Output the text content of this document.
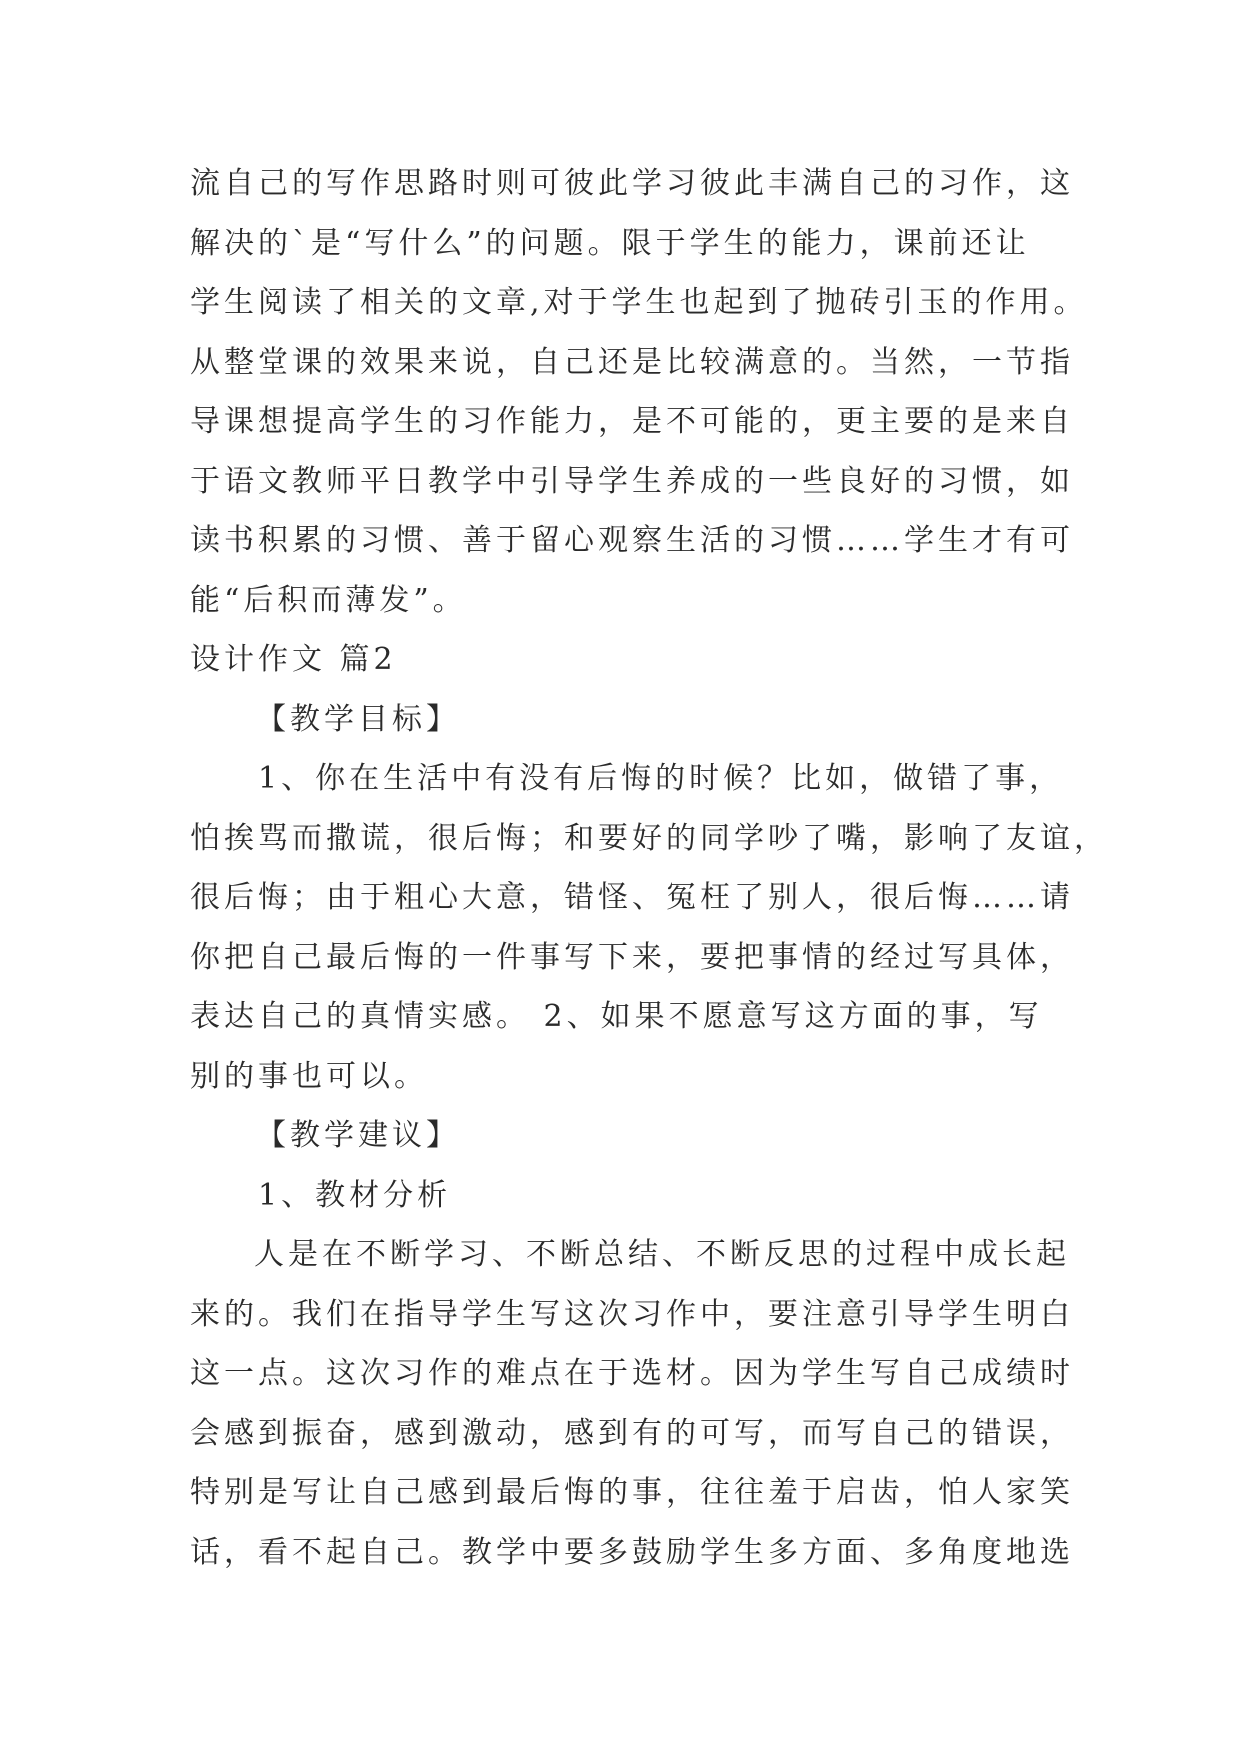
流自己的写作思路时则可彼此学习彼此丰满自己的习作，这
解决的`是“写什么”的问题。限于学生的能力，课前还让
学生阅读了相关的文章,对于学生也起到了抛砖引玉的作用。
从整堂课的效果来说，自己还是比较满意的。当然，一节指
导课想提高学生的习作能力，是不可能的，更主要的是来自
于语文教师平日教学中引导学生养成的一些良好的习惯，如
读书积累的习惯、善于留心观察生活的习惯……学生才有可
能“后积而薄发”。
设计作文 篇2
【教学目标】
1、你在生活中有没有后悔的时候？比如，做错了事，
怕挨骂而撒谎，很后悔；和要好的同学吵了嘴，影响了友谊，
很后悔；由于粗心大意，错怪、冤枉了别人，很后悔……请
你把自己最后悔的一件事写下来，要把事情的经过写具体，
表达自己的真情实感。 2、如果不愿意写这方面的事，写
别的事也可以。
【教学建议】
1、教材分析
人是在不断学习、不断总结、不断反思的过程中成长起
来的。我们在指导学生写这次习作中，要注意引导学生明白
这一点。这次习作的难点在于选材。因为学生写自己成绩时
会感到振奋，感到激动，感到有的可写，而写自己的错误，
特别是写让自己感到最后悔的事，往往羞于启齿，怕人家笑
话，看不起自己。教学中要多鼓励学生多方面、多角度地选
